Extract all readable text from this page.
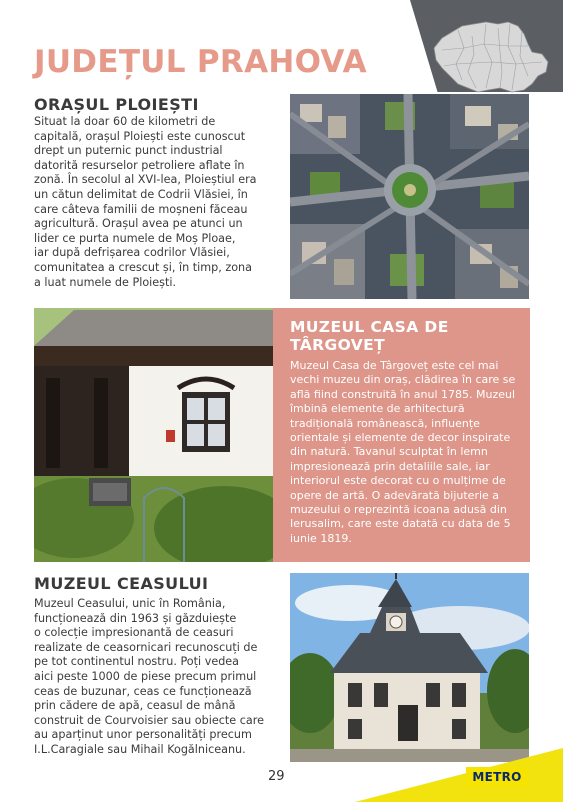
JUDEȚUL PRAHOVA
ORAȘUL PLOIEȘTI

Situat la doar 60 de kilometri de
capitală, orașul Ploiești este cunoscut
drept un puternic punct industrial
datorită resurselor petroliere aflate în
zonă. În secolul al XVI-lea, Ploieștiul era
un cătun delimitat de Codrii Vlăsiei, în
care câteva familii de moșneni făceau
agricultură. Orașul avea pe atunci un
lider ce purta numele de Moș Ploae,
iar după defrișarea codrilor Vlăsiei,
comunitatea a crescut și, în timp, zona
a luat numele de Ploiești.

MUZEUL CASA DE
TÂRGOVEȚ

Muzeul Casa de Târgoveț este cel mai vechi muzeu din oraș, clădirea în care se află fiind construită în anul 1785. Muzeul îmbină elemente de arhitectură tradițională românească, influențe orientale și elemente de decor inspirate din natură. Tavanul sculptat în lemn impresionează prin detaliile sale, iar interiorul este decorat cu o mulțime de opere de artă. O adevărată bijuterie a muzeului o reprezintă icoana adusă din Ierusalim, care este datată cu data de 5 iunie 1819.

MUZEUL CEASULUI

Muzeul Ceasului, unic în România,
funcționează din 1963 și găzduiește
o colecție impresionantă de ceasuri
realizate de ceasornicari recunoscuți de
pe tot continentul nostru. Poți vedea
aici peste 1000 de piese precum primul
ceas de buzunar, ceas ce funcționează
prin cădere de apă, ceasul de mână
construit de Courvoisier sau obiecte care
au aparținut unor personalități precum
I.L.Caragiale sau Mihail Kogălniceanu.

29	METRO
